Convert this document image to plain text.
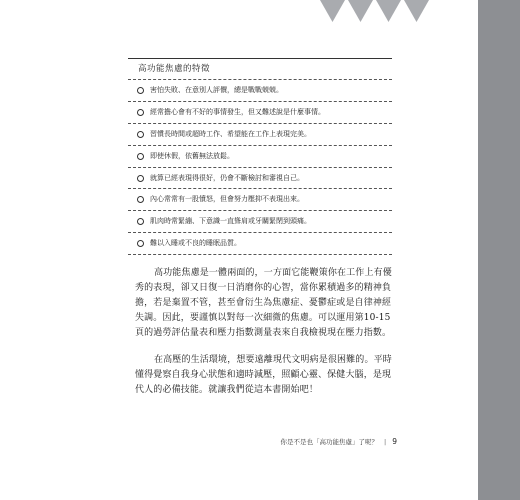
高功能焦慮的特徵
害怕失敗、在意別人評價，總是戰戰兢兢。
經常擔心會有不好的事情發生，但又難述說是什麼事情。
習慣長時間或超時工作、希望能在工作上表現完美。
即使休假，依舊無法放鬆。
就算已經表現得很好，仍會不斷檢討和審視自己。
內心常常有一股憤怒，但會努力壓抑不表現出來。
肌肉時常緊繃、下意識一直聳肩或牙關緊閉到頭痛。
難以入睡或不良的睡眠品質。

高功能焦慮是一體兩面的，一方面它能鞭策你在工作上有優秀的表現，卻又日復一日消磨你的心智，當你累積過多的精神負擔，若是棄置不管，甚至會衍生為焦慮症、憂鬱症或是自律神經失調。因此，要謹慎以對每一次細微的焦慮。可以運用第10-15頁的過勞評估量表和壓力指數測量表來自我檢視現在壓力指數。

在高壓的生活環境，想要遠離現代文明病是很困難的。平時懂得覺察自我身心狀態和適時減壓，照顧心靈、保健大腦，是現代人的必備技能。就讓我們從這本書開始吧！

你是不是也「高功能焦慮」了呢？ | 9
